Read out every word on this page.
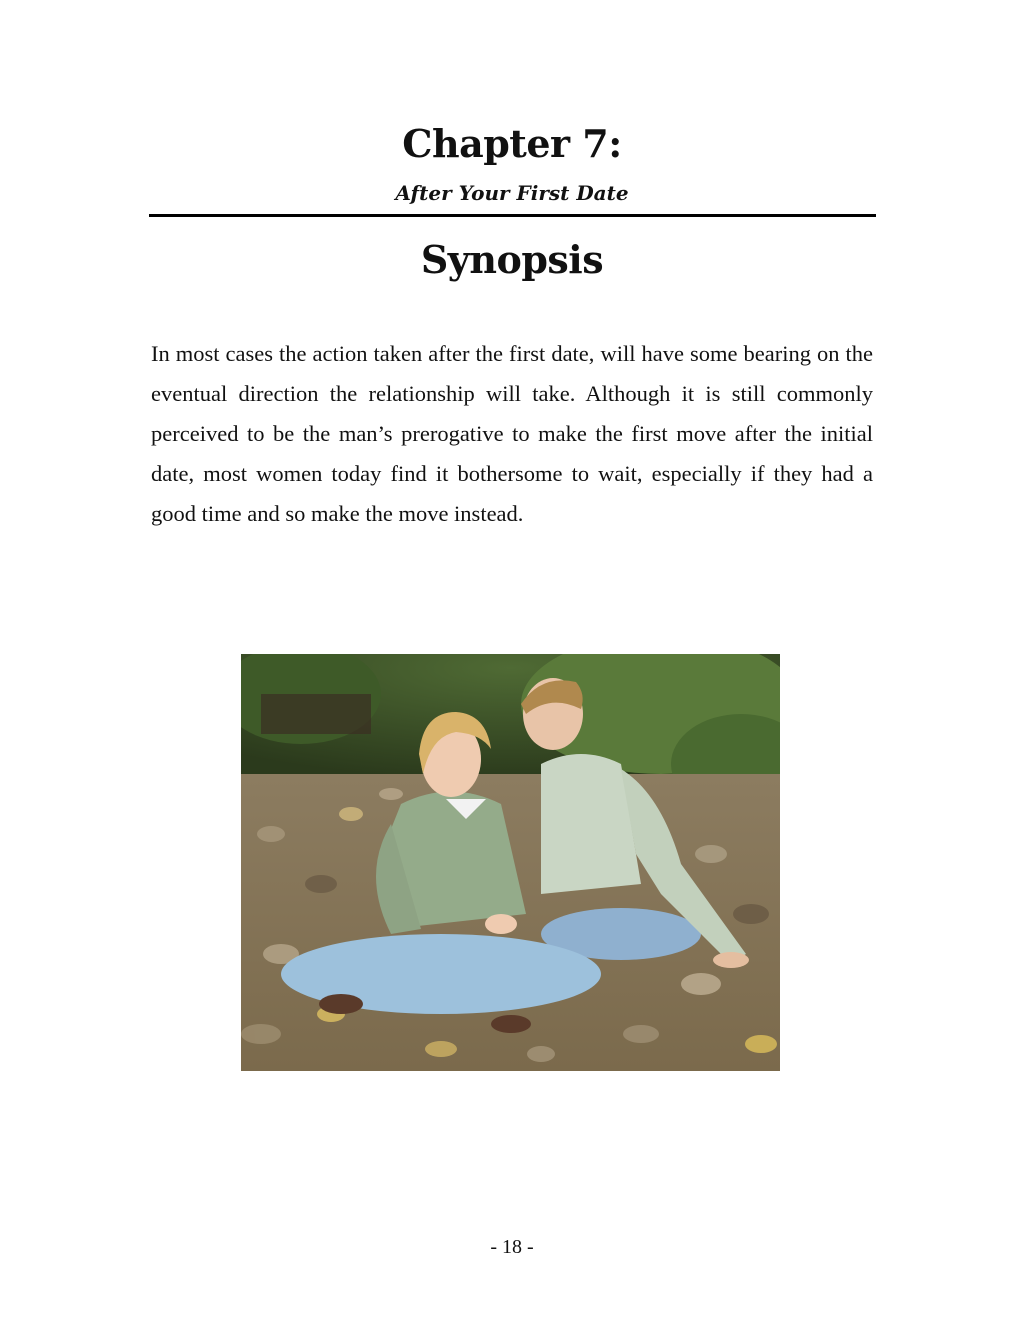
Chapter 7:
After Your First Date
Synopsis

In most cases the action taken after the first date, will have some bearing on the eventual direction the relationship will take. Although it is still commonly perceived to be the man’s prerogative to make the first move after the initial date, most women today find it bothersome to wait, especially if they had a good time and so make the move instead.

- 18 -
